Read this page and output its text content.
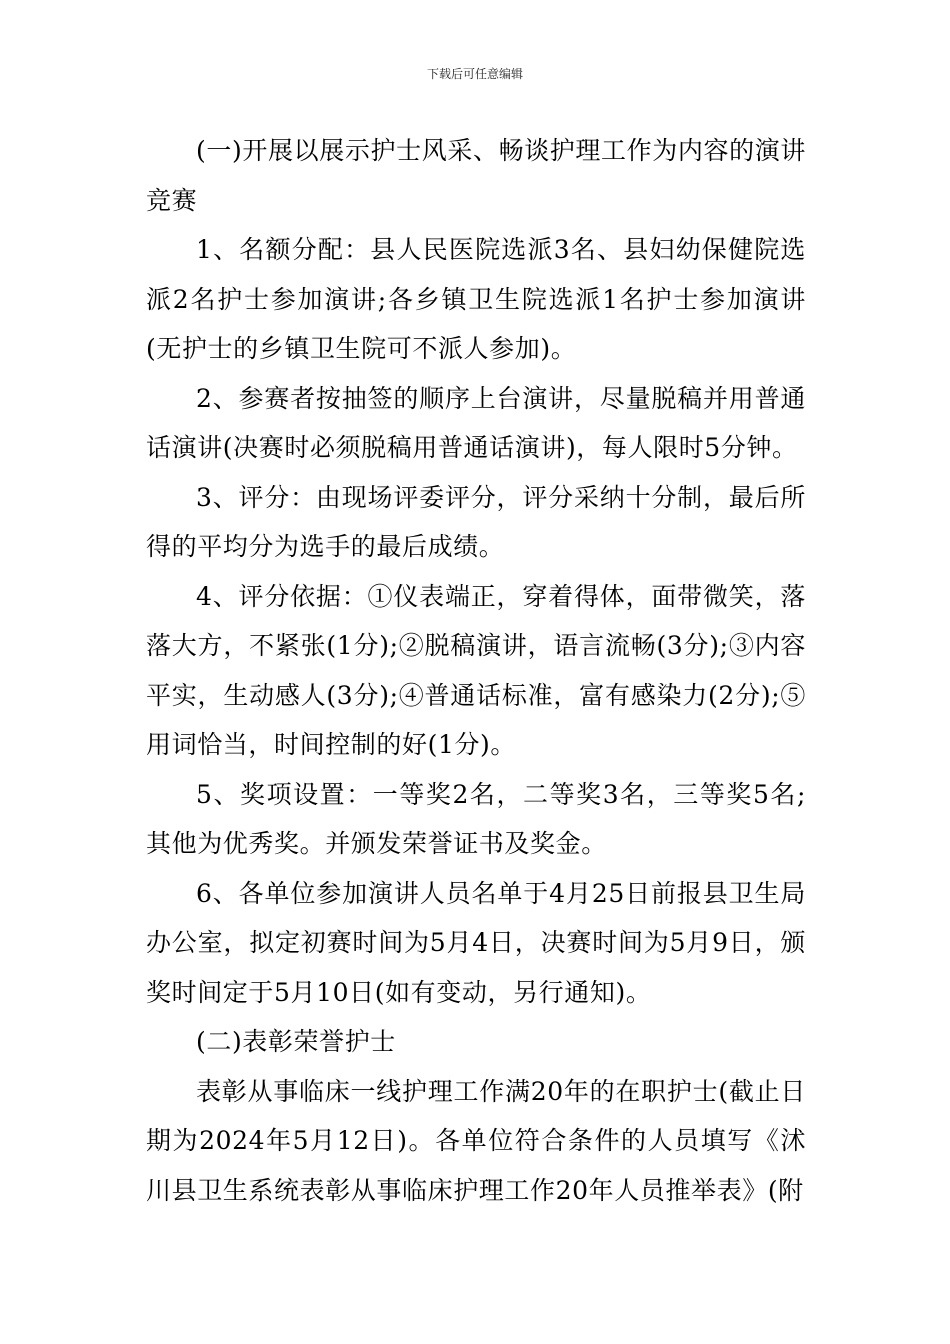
下载后可任意编辑

(一)开展以展示护士风采、畅谈护理工作为内容的演讲竞赛

1、名额分配：县人民医院选派3名、县妇幼保健院选派2名护士参加演讲;各乡镇卫生院选派1名护士参加演讲(无护士的乡镇卫生院可不派人参加)。

2、参赛者按抽签的顺序上台演讲，尽量脱稿并用普通话演讲(决赛时必须脱稿用普通话演讲)，每人限时5分钟。

3、评分：由现场评委评分，评分采纳十分制，最后所得的平均分为选手的最后成绩。

4、评分依据：①仪表端正，穿着得体，面带微笑，落落大方，不紧张(1分);②脱稿演讲，语言流畅(3分);③内容平实，生动感人(3分);④普通话标准，富有感染力(2分);⑤用词恰当，时间控制的好(1分)。

5、奖项设置：一等奖2名，二等奖3名，三等奖5名;其他为优秀奖。并颁发荣誉证书及奖金。

6、各单位参加演讲人员名单于4月25日前报县卫生局办公室，拟定初赛时间为5月4日，决赛时间为5月9日，颁奖时间定于5月10日(如有变动，另行通知)。

(二)表彰荣誉护士

表彰从事临床一线护理工作满20年的在职护士(截止日期为2024年5月12日)。各单位符合条件的人员填写《沭川县卫生系统表彰从事临床护理工作20年人员推举表》(附
